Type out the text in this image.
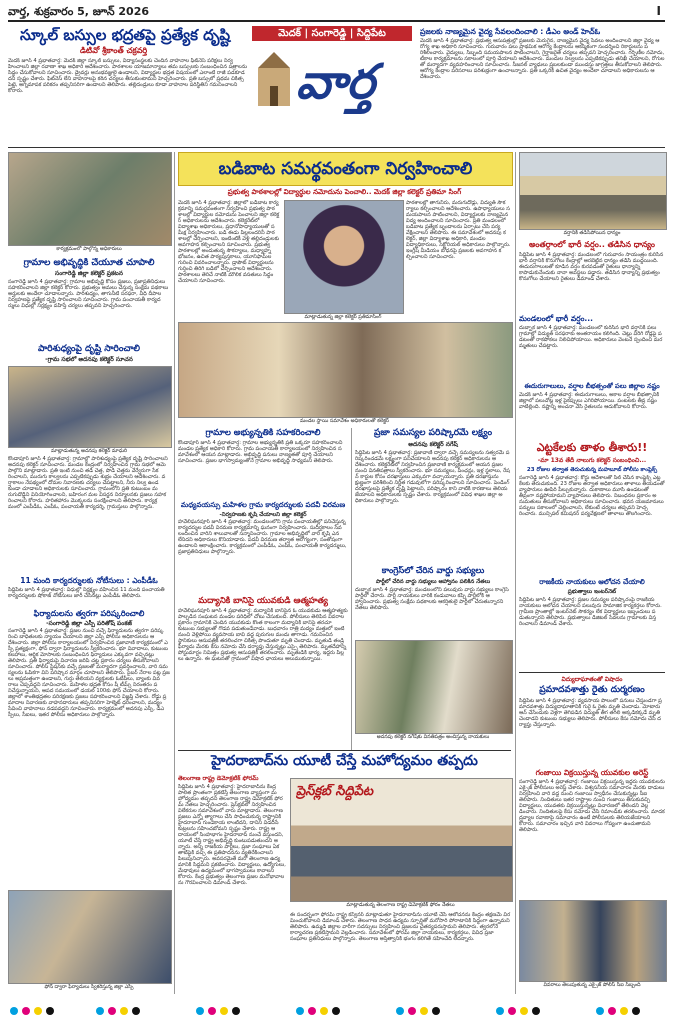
వార్త, శుక్రవారం 5, జూన్ 2026	I
స్కూల్ బస్సుల భద్రతపై ప్రత్యేక దృష్టి
డిటివో శ్రీకాంత్ చక్రవర్తి
మెదక్ జూన్ 4 ప్రభాతవార్త: మెదక్ జిల్లా స్కూల్ బస్సులు, విద్యాసంస్థలకు చెందిన వాహనాల ఫిట్‌నెస్ పరీక్షలు నిర్వహించాలని జిల్లా రవాణా శాఖ అధికారి ఆదేశించారు. పాఠశాలల యాజమాన్యాలు తమ బస్సులకు సంబంధించిన పత్రాలను సిద్ధం చేసుకోవాలని సూచించారు. డ్రైవర్లు అనుభవజ్ఞులై ఉండాలని, విద్యార్థుల భద్రత విషయంలో ఎలాంటి రాజీ పడకూడదని స్పష్టం చేశారు. ఫిట్‌నెస్ లేని వాహనాలపై కఠిన చర్యలు తీసుకుంటామని హెచ్చరించారు. ప్రతి బస్సులో ప్రథమ చికిత్స పెట్టె, అగ్నిమాపక పరికరం తప్పనిసరిగా ఉండాలని తెలిపారు. తల్లిదండ్రులు కూడా వాహనాల పరిస్థితిని గమనించాలని కోరారు.
మెదక్ | సంగారెడ్డి | సిద్దిపేట
వార్త
ప్రజలకు నాణ్యమైన వైద్య సేవలందించాలి : డీఎం అండ్ హెచ్‌ఓ
మెదక్ జూన్ 4 ప్రభాతవార్త: ప్రభుత్వ ఆసుపత్రుల్లో ప్రజలకు మెరుగైన, నాణ్యమైన వైద్య సేవలు అందించాలని జిల్లా వైద్య ఆరోగ్య శాఖ అధికారి సూచించారు. గురువారం పలు ప్రాథమిక ఆరోగ్య కేంద్రాలను ఆకస్మికంగా సందర్శించి రికార్డులను పరిశీలించారు. వైద్యులు, సిబ్బంది సమయపాలన పాటించాలని, గైర్హాజరైతే చర్యలు తప్పవని హెచ్చరించారు. గర్భిణీల నమోదు, టీకాల కార్యక్రమాలను సకాలంలో పూర్తి చేయాలని ఆదేశించారు. మందుల నిల్వలను ఎప్పటికప్పుడు తనిఖీ చేయాలని, రోగులతో మర్యాదగా వ్యవహరించాలని సూచించారు. సీజనల్ వ్యాధులు ప్రబలకుండా ముందస్తు జాగ్రత్తలు తీసుకోవాలని తెలిపారు. ఆరోగ్య కేంద్రాల పరిసరాలు పరిశుభ్రంగా ఉంచాలన్నారు. ప్రతి ఒక్కరికీ ఉచిత వైద్యం అందేలా చూడాలని అధికారులను ఆదేశించారు.
కార్యక్రమంలో పాల్గొన్న అధికారులు
గ్రామాల అభివృద్ధికి చేయూత చూపాలి
సంగారెడ్డి జిల్లా కలెక్టర్ ప్రకటన
సంగారెడ్డి జూన్ 4 ప్రభాతవార్త: గ్రామాల అభివృద్ధి కోసం ప్రజలు, ప్రజాప్రతినిధులు సహకరించాలని జిల్లా కలెక్టర్ కోరారు. ప్రభుత్వం అమలు చేస్తున్న సంక్షేమ పథకాలు అర్హులకు అందేలా చూడాలన్నారు. పారిశుధ్యం, తాగునీటి సరఫరా, వీధి దీపాల నిర్వహణపై ప్రత్యేక దృష్టి సారించాలని సూచించారు. గ్రామ పంచాయతీ కార్యదర్శులు విధుల్లో నిర్లక్ష్యం వహిస్తే చర్యలు తప్పవని హెచ్చరించారు.
పారిశుధ్యంపై దృష్టి సారించాలి
-గ్రామ సభలో అదనపు కలెక్టర్ సూచన
మాట్లాడుతున్న అదనపు కలెక్టర్ మాధురి
కొండాపూర్ జూన్ 4 ప్రభాతవార్త: గ్రామాల్లో పారిశుధ్యంపై ప్రత్యేక దృష్టి సారించాలని అదనపు కలెక్టర్ సూచించారు. మండల కేంద్రంలో నిర్వహించిన గ్రామ సభలో ఆమె పాల్గొని మాట్లాడారు. ప్రతి ఇంటి నుంచి తడి చెత్త, పొడి చెత్తను వేర్వేరుగా సేకరించాలని, మురుగు కాల్వలను ఎప్పటికప్పుడు శుభ్రం చేయాలని ఆదేశించారు. వర్షాకాలం నేపథ్యంలో దోమల నివారణకు చర్యలు చేపట్టాలని, నీరు నిల్వ ఉండకుండా చూడాలని అధికారులకు సూచించారు. గ్రామంలోని ప్రతి కుటుంబం మరుగుదొడ్డిని వినియోగించాలని, బహిరంగ మల విసర్జన నిర్మూలనకు ప్రజలు సహకరించాలని కోరారు. హరితహారం మొక్కలను సంరక్షించాలని తెలిపారు. కార్యక్రమంలో ఎంపీడీఓ, ఎంపీఓ, పంచాయతీ కార్యదర్శి, గ్రామస్తులు పాల్గొన్నారు.
11 మంది కార్యదర్శులకు నోటీసులు : ఎంపీడీఓ
సిద్దిపేట జూన్ 4 ప్రభాతవార్త: విధుల్లో నిర్లక్ష్యం వహించిన 11 మంది పంచాయతీ కార్యదర్శులకు షోకాజ్ నోటీసులు జారీ చేసినట్లు ఎంపీడీఓ తెలిపారు.
ఫిర్యాదులను త్వరగా పరిష్కరించాలి
-సంగారెడ్డి జిల్లా ఎస్పీ పరితోష్ పంకజ్
సంగారెడ్డి జూన్ 4 ప్రభాతవార్త: ప్రజల నుంచి వచ్చే ఫిర్యాదులను త్వరగా పరిష్కరించి బాధితులకు న్యాయం చేయాలని జిల్లా ఎస్పీ పోలీసు అధికారులను ఆదేశించారు. జిల్లా పోలీసు కార్యాలయంలో నిర్వహించిన ప్రజావాణి కార్యక్రమంలో ఎస్పీ ప్రత్యక్షంగా, ఫోన్ ద్వారా ఫిర్యాదులను స్వీకరించారు. భూ వివాదాలు, కుటుంబ కలహాలు, ఆర్థిక మోసాలకు సంబంధించిన ఫిర్యాదులు ఎక్కువగా వచ్చినట్లు తెలిపారు. ప్రతి ఫిర్యాదుపై విచారణ జరిపి చట్ట ప్రకారం చర్యలు తీసుకోవాలని సూచించారు. పోలీస్ స్టేషన్‌కు వచ్చే ప్రజలతో మర్యాదగా ప్రవర్తించాలని, వారి సమస్యలను ఓపికగా విని పరిష్కార మార్గం చూపాలని తెలిపారు. సైబర్ నేరాల పట్ల ప్రజలు అప్రమత్తంగా ఉండాలని, గుర్తు తెలియని వ్యక్తులకు ఓటీపీలు, బ్యాంకు వివరాలు చెప్పవద్దని సూచించారు. మహిళల భద్రత కోసం షీ టీమ్స్ నిరంతరం పనిచేస్తున్నాయని, ఆపద సమయంలో డయల్ 100కు ఫోన్ చేయాలని కోరారు. జిల్లాలో శాంతిభద్రతల పరిరక్షణకు ప్రజలు సహకరించాలని విజ్ఞప్తి చేశారు. రోడ్డు ప్రమాదాల నివారణకు వాహనదారులు తప్పనిసరిగా హెల్మెట్ ధరించాలని, మద్యం సేవించి వాహనాలు నడపవద్దని సూచించారు. కార్యక్రమంలో అదనపు ఎస్పీ, డీఎస్పీలు, సీఐలు, ఇతర పోలీసు అధికారులు పాల్గొన్నారు.
ఫోన్ ద్వారా ఫిర్యాదులు స్వీకరిస్తున్న జిల్లా ఎస్పీ
బడిబాట సమర్థవంతంగా నిర్వహించాలి
ప్రభుత్వ పాఠశాలల్లో విద్యార్థుల నమోదును పెంచాలి.. మెదక్ జిల్లా కలెక్టర్ ప్రతిమా సింగ్
మెదక్ జూన్ 4 ప్రభాతవార్త: జిల్లాలో బడిబాట కార్యక్రమాన్ని సమర్థవంతంగా నిర్వహించి ప్రభుత్వ పాఠశాలల్లో విద్యార్థుల నమోదును పెంచాలని జిల్లా కలెక్టర్ అధికారులను ఆదేశించారు. కలెక్టరేట్‌లో విద్యాశాఖ అధికారులు, ప్రధానోపాధ్యాయులతో సమీక్ష నిర్వహించారు. బడి ఈడు పిల్లలందరినీ పాఠశాలల్లో చేర్పించాలని, ఇంటింటికీ వెళ్లి తల్లిదండ్రులకు అవగాహన కల్పించాలని సూచించారు. ప్రభుత్వ పాఠశాలల్లో అందుతున్న సౌకర్యాలు, మధ్యాహ్న భోజనం, ఉచిత పాఠ్యపుస్తకాలు, యూనిఫామ్‌ల గురించి వివరించాలన్నారు. డ్రాపౌట్ విద్యార్థులను గుర్తించి తిరిగి బడిలో చేర్పించాలని ఆదేశించారు. పాఠశాలలు తెరిచే నాటికి మౌలిక వసతులు సిద్ధం చేయాలని సూచించారు.
మాట్లాడుతున్న జిల్లా కలెక్టర్ ప్రతిమాసింగ్
పాఠశాలల్లో తాగునీరు, మరుగుదొడ్లు, విద్యుత్ సౌకర్యాలు కల్పించాలని ఆదేశించారు. ఉపాధ్యాయులు సమయపాలన పాటించాలని, విద్యార్థులకు నాణ్యమైన విద్య అందించాలని సూచించారు. ప్రతి మండలంలో బడిబాట ప్రత్యేక బృందాలను ఏర్పాటు చేసి పర్యవేక్షించాలని తెలిపారు. ఈ సమావేశంలో అదనపు కలెక్టర్, జిల్లా విద్యాశాఖ అధికారి, మండల విద్యాధికారులు, సెక్టోరియల్ అధికారులు పాల్గొన్నారు. ఇంగ్లీష్ మీడియం బోధనపై ప్రజలకు అవగాహన కల్పించాలని సూచించారు.
మండల స్థాయి సమావేశం అధికారులతో కలెక్టర్
గ్రామాల అభ్యున్నతికి సహకరించాలి
కొండాపూర్ జూన్ 4 ప్రభాతవార్త: గ్రామాల అభ్యున్నతికి ప్రతి ఒక్కరూ సహకరించాలని మండల ప్రత్యేక అధికారి కోరారు. గ్రామ పంచాయతీ కార్యాలయంలో నిర్వహించిన సమావేశంలో ఆయన మాట్లాడారు. అభివృద్ధి పనులు నాణ్యతతో పూర్తి చేయాలని సూచించారు. ప్రజల భాగస్వామ్యంతోనే గ్రామాల అభివృద్ధి సాధ్యమని తెలిపారు.
మధ్యవయస్సు మహిళల గ్రామ కార్యదర్శులకు పదవీ విరమణ
-నిర్వహణకు కృషి చేయాలని జిల్లా కలెక్టర్
హవేలిఘనపూర్ జూన్ 4 ప్రభాతవార్త: మండలంలోని గ్రామ పంచాయతీల్లో పనిచేస్తున్న కార్యదర్శుల పదవీ విరమణ కార్యక్రమాన్ని ఘనంగా నిర్వహించారు. సుదీర్ఘకాలం సేవలందించిన వారిని శాలువాలతో సన్మానించారు. గ్రామాల అభివృద్ధిలో వారి కృషి ఎనలేనిదని అధికారులు కొనియాడారు. పదవీ విరమణ తర్వాత ఆరోగ్యంగా, సంతోషంగా ఉండాలని ఆకాంక్షించారు. కార్యక్రమంలో ఎంపీడీఓ, ఎంపీఓ, పంచాయతీ కార్యదర్శులు, ప్రజాప్రతినిధులు పాల్గొన్నారు.
మద్యానికి బానిసై యువకుడి ఆత్మహత్య
హవేలిఘనపూర్ జూన్ 4 ప్రభాతవార్త: మద్యానికి బానిసైన ఓ యువకుడు ఆత్మహత్యకు పాల్పడిన సంఘటన మండల పరిధిలో చోటు చేసుకుంది. పోలీసులు తెలిపిన వివరాల ప్రకారం గ్రామానికి చెందిన యువకుడు కొంత కాలంగా మద్యానికి బానిసై తరచూ కుటుంబ సభ్యులతో గొడవ పడుతుండేవాడు. బుధవారం రాత్రి మద్యం మత్తులో ఇంటి నుంచి వెళ్లిపోయి వ్యవసాయ బావి వద్ద పురుగుల మందు తాగాడు. గమనించిన స్థానికులు ఆసుపత్రికి తరలించగా చికిత్స పొందుతూ మృతి చెందాడు. మృతుడి తండ్రి ఫిర్యాదు మేరకు కేసు నమోదు చేసి దర్యాప్తు చేస్తున్నట్లు ఎస్సై తెలిపారు. మృతదేహాన్ని పోస్టుమార్టం నిమిత్తం ప్రభుత్వ ఆసుపత్రికి తరలించారు. మృతుడికి భార్య, ఇద్దరు పిల్లలు ఉన్నారు. ఈ ఘటనతో గ్రామంలో విషాద ఛాయలు అలుముకున్నాయి.
ప్రజా సమస్యల పరిష్కారమే లక్ష్యం
అదనపు కలెక్టర్ నగేష్
సిద్దిపేట జూన్ 4 ప్రభాతవార్త: ప్రజావాణి ద్వారా వచ్చే సమస్యలను సత్వరమే పరిష్కరించడమే లక్ష్యంగా పనిచేయాలని అదనపు కలెక్టర్ అధికారులను ఆదేశించారు. కలెక్టరేట్‌లో నిర్వహించిన ప్రజావాణి కార్యక్రమంలో ఆయన ప్రజల నుంచి వినతిపత్రాలు స్వీకరించారు. భూ సమస్యలు, పింఛన్లు, ఇళ్ల స్థలాలు, రేషన్ కార్డుల కోసం దరఖాస్తులు ఎక్కువగా వచ్చాయన్నారు. ప్రతి దరఖాస్తును క్షుణ్ణంగా పరిశీలించి నిర్ణీత గడువులోగా పరిష్కరించాలని సూచించారు. పెండింగ్ దరఖాస్తులపై ప్రత్యేక దృష్టి పెట్టాలని, పరిష్కారం కాని వాటికి కారణాలు తెలియజేయాలని అధికారులకు స్పష్టం చేశారు. కార్యక్రమంలో వివిధ శాఖల జిల్లా అధికారులు పాల్గొన్నారు.
కాంగ్రెస్‌లో చేరిన వార్డు సభ్యులు
పార్టీలో చేరిన వార్డు సభ్యులు ఆహ్వానం పలికిన నేతలు
దుబ్బాక జూన్ 4 ప్రభాతవార్త: మండలంలోని పలువురు వార్డు సభ్యులు కాంగ్రెస్ పార్టీలో చేరారు. పార్టీ నాయకులు వారికి కండువాలు కప్పి పార్టీలోకి ఆహ్వానించారు. ప్రభుత్వ సంక్షేమ పథకాలకు ఆకర్షితులై పార్టీలో చేరుతున్నారని నేతలు తెలిపారు.
అదనపు కలెక్టర్ నగేష్‌కు వినతిపత్రం అందిస్తున్న నాయకులు
హైదరాబాద్‌ను యూటీ చేస్తే మహోద్యమం తప్పదు
తెలంగాణ రాష్ట్ర డెమోక్రటిక్ ఫోరమ్
సిద్దిపేట జూన్ 4 ప్రభాతవార్త: హైదరాబాద్‌ను కేంద్ర పాలిత ప్రాంతంగా ప్రకటిస్తే తెలంగాణ వ్యాప్తంగా మహోద్యమం తప్పదని తెలంగాణ రాష్ట్ర డెమోక్రటిక్ ఫోరమ్ నేతలు హెచ్చరించారు. ప్రెస్‌క్లబ్‌లో నిర్వహించిన విలేకరుల సమావేశంలో వారు మాట్లాడారు. తెలంగాణ ప్రజలు ఎన్నో త్యాగాలు చేసి సాధించుకున్న రాష్ట్రానికి హైదరాబాద్ గుండెకాయ లాంటిదని, దానిని విడదీసే కుట్రలను సహించబోమని స్పష్టం చేశారు. రాష్ట్ర ఆదాయంలో సింహభాగం హైదరాబాద్ నుంచే వస్తుందని, యూటీ చేస్తే రాష్ట్ర అభివృద్ధి కుంటుపడుతుందని అన్నారు. అన్ని రాజకీయ పార్టీలు, ప్రజా సంఘాలు ఏకతాటిపైకి వచ్చి ఈ ప్రతిపాదనను వ్యతిరేకించాలని పిలుపునిచ్చారు. అవసరమైతే మరో తెలంగాణ ఉద్యమానికి సిద్ధమని ప్రకటించారు. విద్యార్థులు, ఉద్యోగులు, మేధావులు ఉద్యమంలో భాగస్వాములు కావాలని కోరారు. కేంద్ర ప్రభుత్వం తెలంగాణ ప్రజల మనోభావాలను గౌరవించాలని డిమాండ్ చేశారు.
ప్రెస్‌క్లబ్ సిద్దిపేట
మాట్లాడుతున్న తెలంగాణ రాష్ట్ర డెమోక్రటిక్ ఫోరం నేతలు
ఈ సందర్భంగా ఫోరమ్ రాష్ట్ర కన్వీనర్ మాట్లాడుతూ హైదరాబాద్‌ను యూటీ చేసే ఆలోచనను కేంద్రం తక్షణమే విరమించుకోవాలని డిమాండ్ చేశారు. తెలంగాణ సాధన ఉద్యమ స్ఫూర్తితో మరోసారి పోరాటానికి సిద్ధంగా ఉన్నామని తెలిపారు. ఉమ్మడి జిల్లాల వారీగా సదస్సులు నిర్వహించి ప్రజలను చైతన్యపరుస్తామని తెలిపారు. త్వరలోనే కార్యాచరణ ప్రకటిస్తామని వెల్లడించారు. సమావేశంలో ఫోరమ్ జిల్లా నాయకులు, కార్యకర్తలు, వివిధ ప్రజా సంఘాల ప్రతినిధులు పాల్గొన్నారు. తెలంగాణ అస్తిత్వానికి భంగం కలిగితే సహించేది లేదన్నారు.
వర్షానికి తడిసిపోయిన ధాన్యం
అంతర్గాంలో భారీ వర్షం.. తడిసిన ధాన్యం
సిద్దిపేట జూన్ 4 ప్రభాతవార్త: మండలంలో గురువారం సాయంత్రం కురిసిన భారీ వర్షానికి కొనుగోలు కేంద్రాల్లో ఆరబెట్టిన ధాన్యం తడిసి ముద్దయింది. ఈదురుగాలులతో కూడిన వర్షం కురవడంతో రైతులు ధాన్యాన్ని కాపాడుకునేందుకు నానా అవస్థలు పడ్డారు. తడిసిన ధాన్యాన్ని ప్రభుత్వం కొనుగోలు చేయాలని రైతులు డిమాండ్ చేశారు.
మండలంలో భారీ వర్షం...
దుబ్బాక జూన్ 4 ప్రభాతవార్త: మండలంలో కురిసిన భారీ వర్షానికి పలు గ్రామాల్లో విద్యుత్ సరఫరాకు అంతరాయం కలిగింది. చెట్లు విరిగి రోడ్లపై పడటంతో రాకపోకలు నిలిచిపోయాయి. అధికారులు వెంటనే స్పందించి మరమ్మతులు చేపట్టారు.
ఈదురుగాలులు, వర్షాల బీభత్సంతో పలు జిల్లాల నష్టం
మెదక్ జూన్ 4 ప్రభాతవార్త: ఈదురుగాలులు, అకాల వర్షాల బీభత్సానికి జిల్లాలో పలుచోట్ల ఇళ్ల పైకప్పులు ఎగిరిపోయాయి. పంటలకు తీవ్ర నష్టం వాటిల్లింది. నష్టాన్ని అంచనా వేసి రైతులను ఆదుకోవాలని కోరారు.
ఎట్టకేలకు తాళం తీశారు!!
-మా 13వ తేదీ నాలుగు కలెక్టర్ సంబంధించి...
23 రోజుల తర్వాత తెరుచుకున్న మహబూబ్ పోలీసు కాంప్లెక్స్
సంగారెడ్డి జూన్ 4 ప్రభాతవార్త: కోర్టు ఆదేశాలతో సీల్ చేసిన కాంప్లెక్స్ ఎట్టకేలకు తెరుచుకుంది. 23 రోజుల తర్వాత అధికారులు తాళాలు తీయడంతో వ్యాపారులు ఊపిరి పీల్చుకున్నారు. దుకాణాలు మూసి ఉండటంతో తీవ్రంగా నష్టపోయామని వ్యాపారులు తెలిపారు. నిబంధనల ప్రకారం అనుమతులు తీసుకోవాలని అధికారులు సూచించారు. భవన యజమానులు పన్నులు సకాలంలో చెల్లించాలని, లేకుంటే చర్యలు తప్పవని హెచ్చరించారు. మున్సిపల్ కమిషనర్ పర్యవేక్షణలో తాళాలు తొలగించారు.
రాజకీయ నాయకులు ఆలోచన చేయాలి
ప్రభుత్వాలు ఇంటర్‌నెట్
సిద్దిపేట జూన్ 4 ప్రభాతవార్త: ప్రజల సమస్యల పరిష్కారంపై రాజకీయ నాయకులు ఆలోచన చేయాలని పలువురు సామాజిక కార్యకర్తలు కోరారు. గ్రామీణ ప్రాంతాల్లో ఇంటర్‌నెట్ సౌకర్యం లేక విద్యార్థులు ఇబ్బందులు పడుతున్నారని తెలిపారు. ప్రభుత్వాలు డిజిటల్ సేవలను గ్రామాలకు విస్తరించాలని డిమాండ్ చేశారు.
విద్యుదాఘాతంతో విషాదం
ప్రమాదవశాత్తు రైతు దుర్మరణం
సిద్దిపేట జూన్ 4 ప్రభాతవార్త: వ్యవసాయ పొలంలో పనులు చేస్తుండగా ప్రమాదవశాత్తు విద్యుదాఘాతానికి గురై ఓ రైతు మృతి చెందాడు. మోటారు ఆన్ చేసేందుకు వెళ్లగా తెగిపడిన విద్యుత్ తీగ తగిలి అక్కడికక్కడే మృతి చెందాడని కుటుంబ సభ్యులు తెలిపారు. పోలీసులు కేసు నమోదు చేసి దర్యాప్తు చేస్తున్నారు.
గంజాయి విక్రయిస్తున్న యువకుల అరెస్ట్
సంగారెడ్డి జూన్ 4 ప్రభాతవార్త: గంజాయి విక్రయిస్తున్న ఇద్దరు యువకులను ఎక్సైజ్ పోలీసులు అరెస్ట్ చేశారు. విశ్వసనీయ సమాచారం మేరకు దాడులు నిర్వహించి వారి వద్ద నుంచి గంజాయి స్వాధీనం చేసుకున్నట్లు సీఐ తెలిపారు. నిందితులు ఇతర రాష్ట్రాల నుంచి గంజాయి తీసుకువచ్చి విద్యార్థులు, యువతకు విక్రయిస్తున్నట్లు విచారణలో తేలిందని వెల్లడించారు. నిందితులపై కేసు నమోదు చేసి రిమాండ్‌కు తరలించారు. మాదక ద్రవ్యాల రవాణాపై సమాచారం ఉంటే పోలీసులకు తెలియజేయాలని కోరారు. సమాచారం ఇచ్చిన వారి వివరాలు గోప్యంగా ఉంచుతామని తెలిపారు.
వివరాలు తెలుపుతున్న ఎక్సైజ్ పోలీస్ సీఐ సిబ్బంది
